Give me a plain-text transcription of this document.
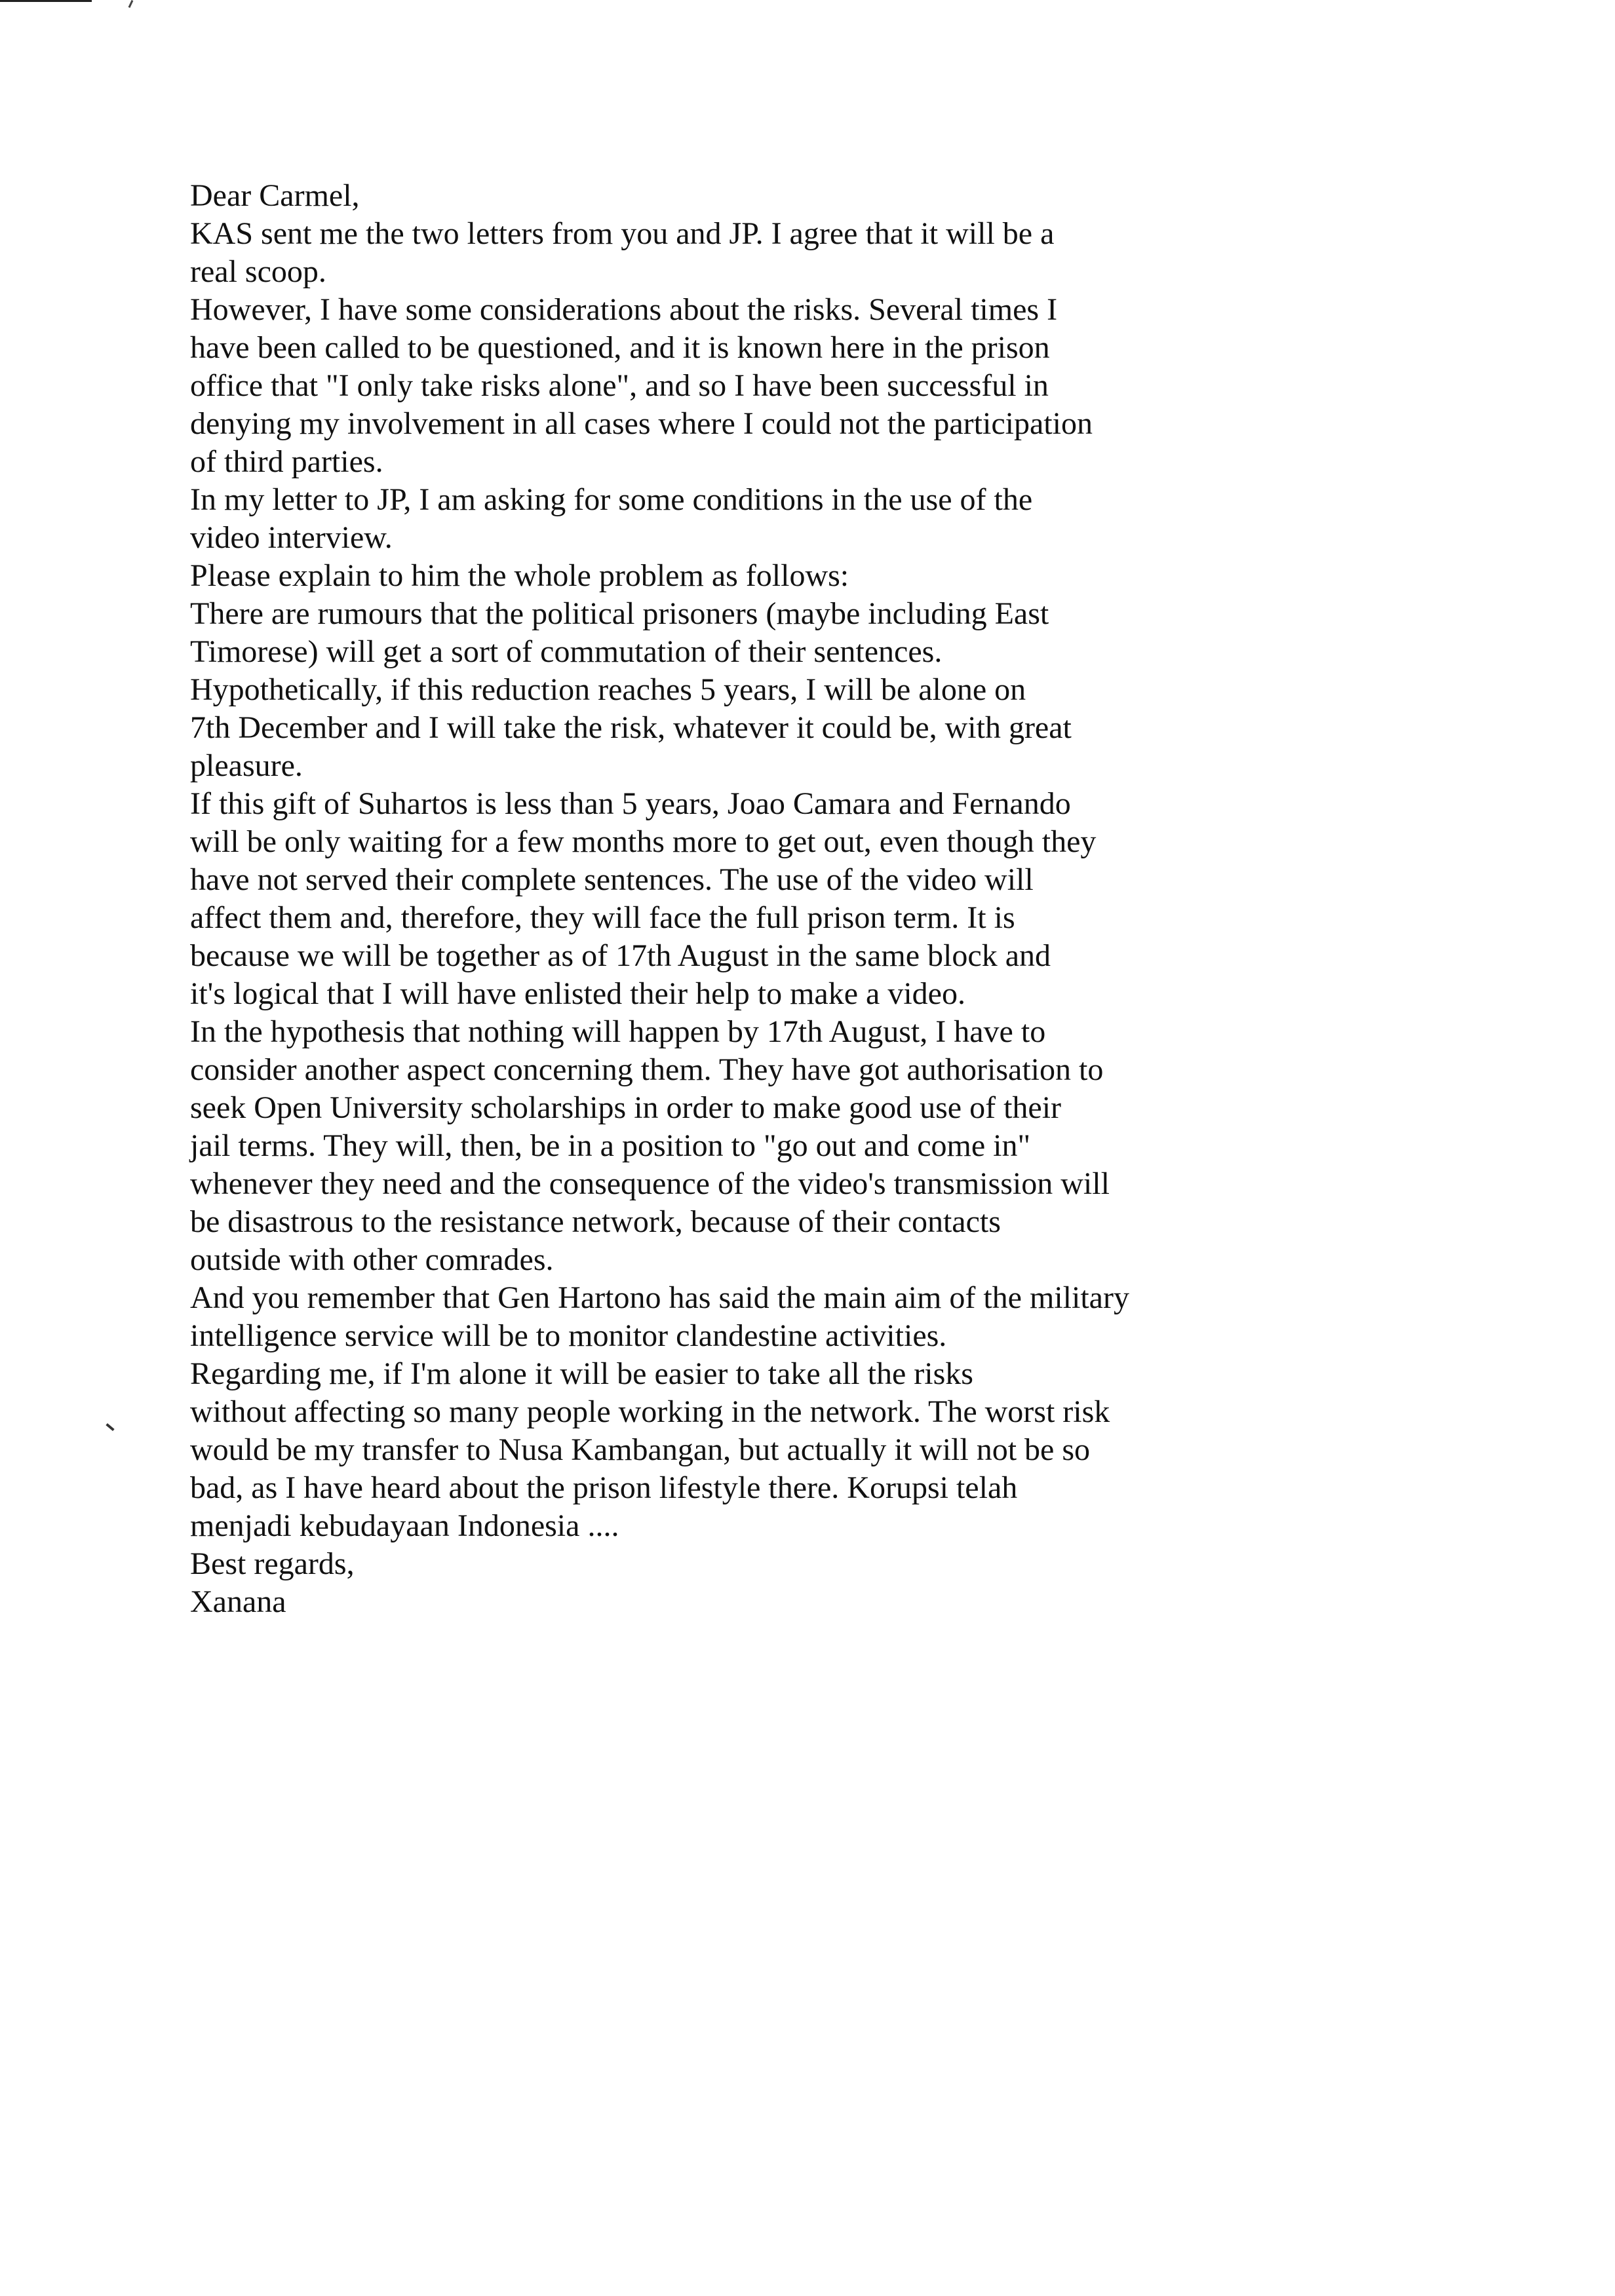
Dear Carmel,

KAS sent me the two letters from you and JP. I agree that it will be a
real scoop.

However, I have some considerations about the risks. Several times I
have been called to be questioned, and it is known here in the prison
office that "I only take risks alone", and so I have been successful in
denying my involvement in all cases where I could not the participation
of third parties.

In my letter to JP, I am asking for some conditions in the use of the
video interview.

Please explain to him the whole problem as follows:

There are rumours that the political prisoners (maybe including East
Timorese) will get a sort of commutation of their sentences.
Hypothetically, if this reduction reaches 5 years, I will be alone on
7th December and I will take the risk, whatever it could be, with great
pleasure.

If this gift of Suhartos is less than 5 years, Joao Camara and Fernando
will be only waiting for a few months more to get out, even though they
have not served their complete sentences. The use of the video will
affect them and, therefore, they will face the full prison term. It is
because we will be together as of 17th August in the same block and
it's logical that I will have enlisted their help to make a video.

In the hypothesis that nothing will happen by 17th August, I have to
consider another aspect concerning them. They have got authorisation to
seek Open University scholarships in order to make good use of their
jail terms. They will, then, be in a position to "go out and come in"
whenever they need and the consequence of the video's transmission will
be disastrous to the resistance network, because of their contacts
outside with other comrades.

And you remember that Gen Hartono has said the main aim of the military
intelligence service will be to monitor clandestine activities.

Regarding me, if I'm alone it will be easier to take all the risks
without affecting so many people working in the network. The worst risk
would be my transfer to Nusa Kambangan, but actually it will not be so
bad, as I have heard about the prison lifestyle there. Korupsi telah
menjadi kebudayaan Indonesia ....

Best regards,

Xanana
